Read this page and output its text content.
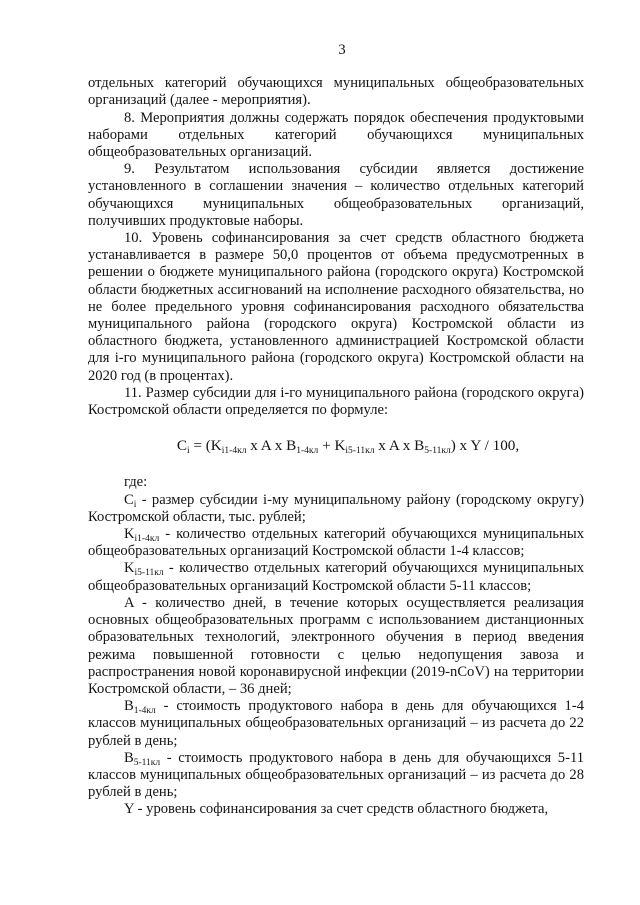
3

отдельных категорий обучающихся муниципальных общеобразовательных организаций (далее - мероприятия).

8. Мероприятия должны содержать порядок обеспечения продуктовыми наборами отдельных категорий обучающихся муниципальных общеобразовательных организаций.

9. Результатом использования субсидии является достижение установленного в соглашении значения – количество отдельных категорий обучающихся муниципальных общеобразовательных организаций, получивших продуктовые наборы.

10. Уровень софинансирования за счет средств областного бюджета устанавливается в размере 50,0 процентов от объема предусмотренных в решении о бюджете муниципального района (городского округа) Костромской области бюджетных ассигнований на исполнение расходного обязательства, но не более предельного уровня софинансирования расходного обязательства муниципального района (городского округа) Костромской области из областного бюджета, установленного администрацией Костромской области для i-го муниципального района (городского округа) Костромской области на 2020 год (в процентах).

11. Размер субсидии для i-го муниципального района (городского округа) Костромской области определяется по формуле:

$C_i = (K_{i1-4кл}$ x A x $B_{1-4кл} + K_{i5-11кл}$ x A x $B_{5-11кл}$) x Y / 100,

где:

$C_i$ - размер субсидии i-му муниципальному району (городскому округу) Костромской области, тыс. рублей;

$K_{i1-4кл}$ - количество отдельных категорий обучающихся муниципальных общеобразовательных организаций Костромской области 1-4 классов;

$K_{i5-11кл}$ - количество отдельных категорий обучающихся муниципальных общеобразовательных организаций Костромской области 5-11 классов;

A - количество дней, в течение которых осуществляется реализация основных общеобразовательных программ с использованием дистанционных образовательных технологий, электронного обучения в период введения режима повышенной готовности с целью недопущения завоза и распространения новой коронавирусной инфекции (2019-nCoV) на территории Костромской области, – 36 дней;

$B_{1-4кл}$ - стоимость продуктового набора в день для обучающихся 1-4 классов муниципальных общеобразовательных организаций – из расчета до 22 рублей в день;

$B_{5-11кл}$ - стоимость продуктового набора в день для обучающихся 5-11 классов муниципальных общеобразовательных организаций – из расчета до 28 рублей в день;

Y - уровень софинансирования за счет средств областного бюджета,
